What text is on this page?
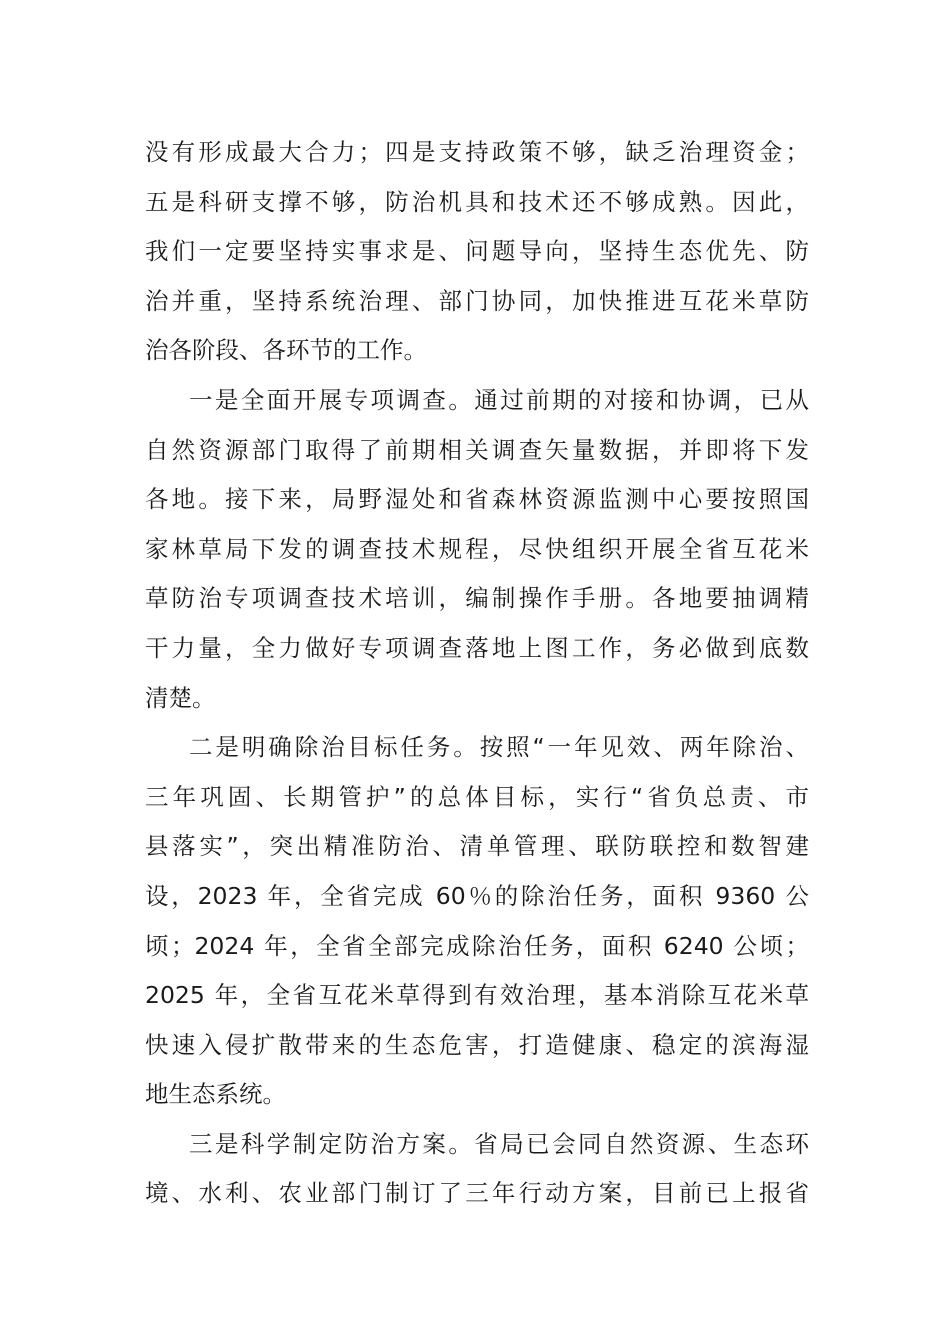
没有形成最大合力；四是支持政策不够，缺乏治理资金；
五是科研支撑不够，防治机具和技术还不够成熟。因此，
我们一定要坚持实事求是、问题导向，坚持生态优先、防
治并重，坚持系统治理、部门协同，加快推进互花米草防
治各阶段、各环节的工作。
一是全面开展专项调查。通过前期的对接和协调，已从
自然资源部门取得了前期相关调查矢量数据，并即将下发
各地。接下来，局野湿处和省森林资源监测中心要按照国
家林草局下发的调查技术规程，尽快组织开展全省互花米
草防治专项调查技术培训，编制操作手册。各地要抽调精
干力量，全力做好专项调查落地上图工作，务必做到底数
清楚。
二是明确除治目标任务。按照“一年见效、两年除治、
三年巩固、长期管护”的总体目标，实行“省负总责、市
县落实”，突出精准防治、清单管理、联防联控和数智建
设，2023 年，全省完成 60％的除治任务，面积 9360 公
顷；2024 年，全省全部完成除治任务，面积 6240 公顷；
2025 年，全省互花米草得到有效治理，基本消除互花米草
快速入侵扩散带来的生态危害，打造健康、稳定的滨海湿
地生态系统。
三是科学制定防治方案。省局已会同自然资源、生态环
境、水利、农业部门制订了三年行动方案，目前已上报省
